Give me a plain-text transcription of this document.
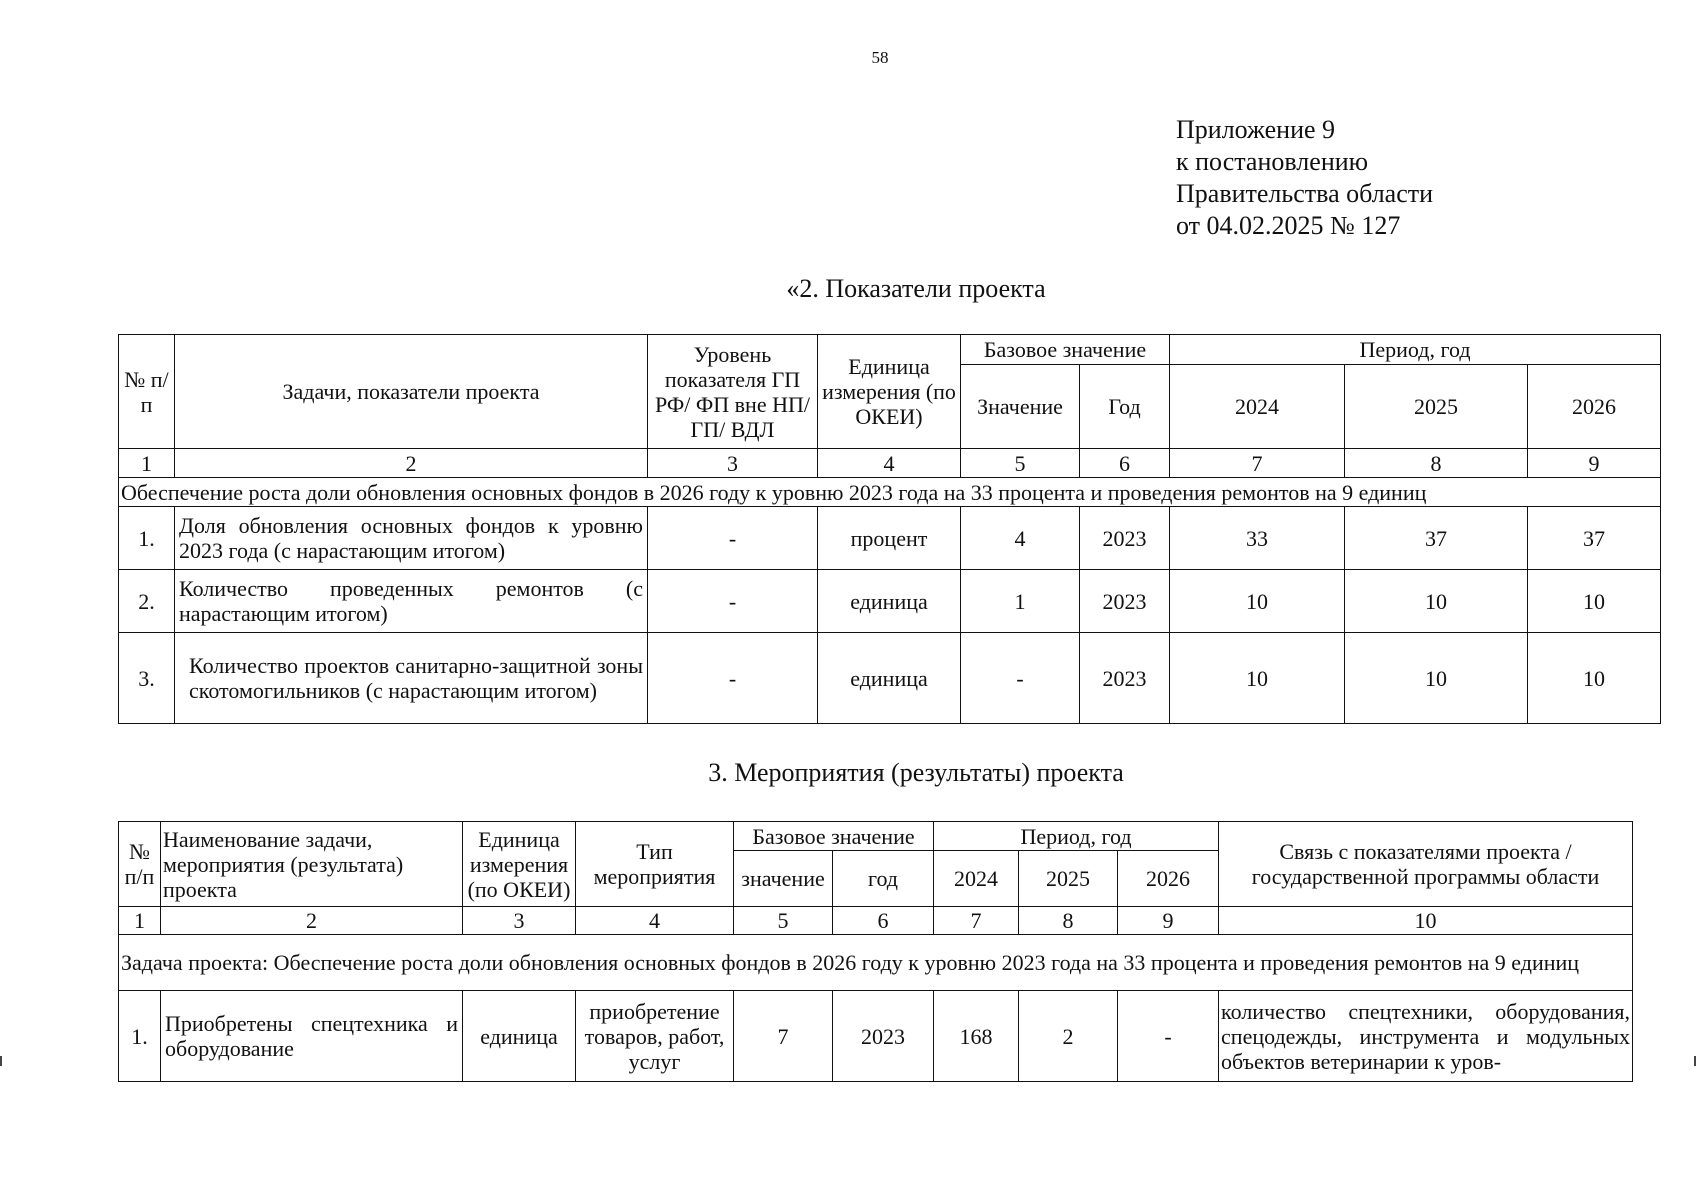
58
Приложение 9
к постановлению
Правительства области
от 04.02.2025 № 127
«2. Показатели проекта
№ п/п	Задачи, показатели проекта	Уровень показателя ГП РФ/ ФП вне НП/ГП/ ВДЛ	Единица измерения (по ОКЕИ)	Базовое значение		Период, год		
				Значение	Год	2024	2025	2026
1	2	3	4	5	6	7	8	9
Обеспечение роста доли обновления основных фондов в 2026 году к уровню 2023 года на 33 процента и проведения ремонтов на 9 единиц								
1.	Доля обновления основных фондов к уровню 2023 года (с нарастающим итогом)	-	процент	4	2023	33	37	37
2.	Количество проведенных ремонтов (с нарастающим итогом)	-	единица	1	2023	10	10	10
3.	Количество проектов санитарно-защитной зоны скотомогильников (с нарастающим итогом)	-	единица	-	2023	10	10	10
3. Мероприятия (результаты) проекта
№ п/п	Наименование задачи, мероприятия (результата) проекта	Единица измерения (по ОКЕИ)	Тип мероприятия	Базовое значение		Период, год			Связь с показателями проекта / государственной программы области
				значение	год	2024	2025	2026	
1	2	3	4	5	6	7	8	9	10
Задача проекта: Обеспечение роста доли обновления основных фондов в 2026 году к уровню 2023 года на 33 процента и проведения ремонтов на 9 единиц									
1.	Приобретены спецтехника и оборудование	единица	приобретение товаров, работ, услуг	7	2023	168	2	-	количество спецтехники, оборудования, спецодежды, инструмента и модульных объектов ветеринарии к уров-
